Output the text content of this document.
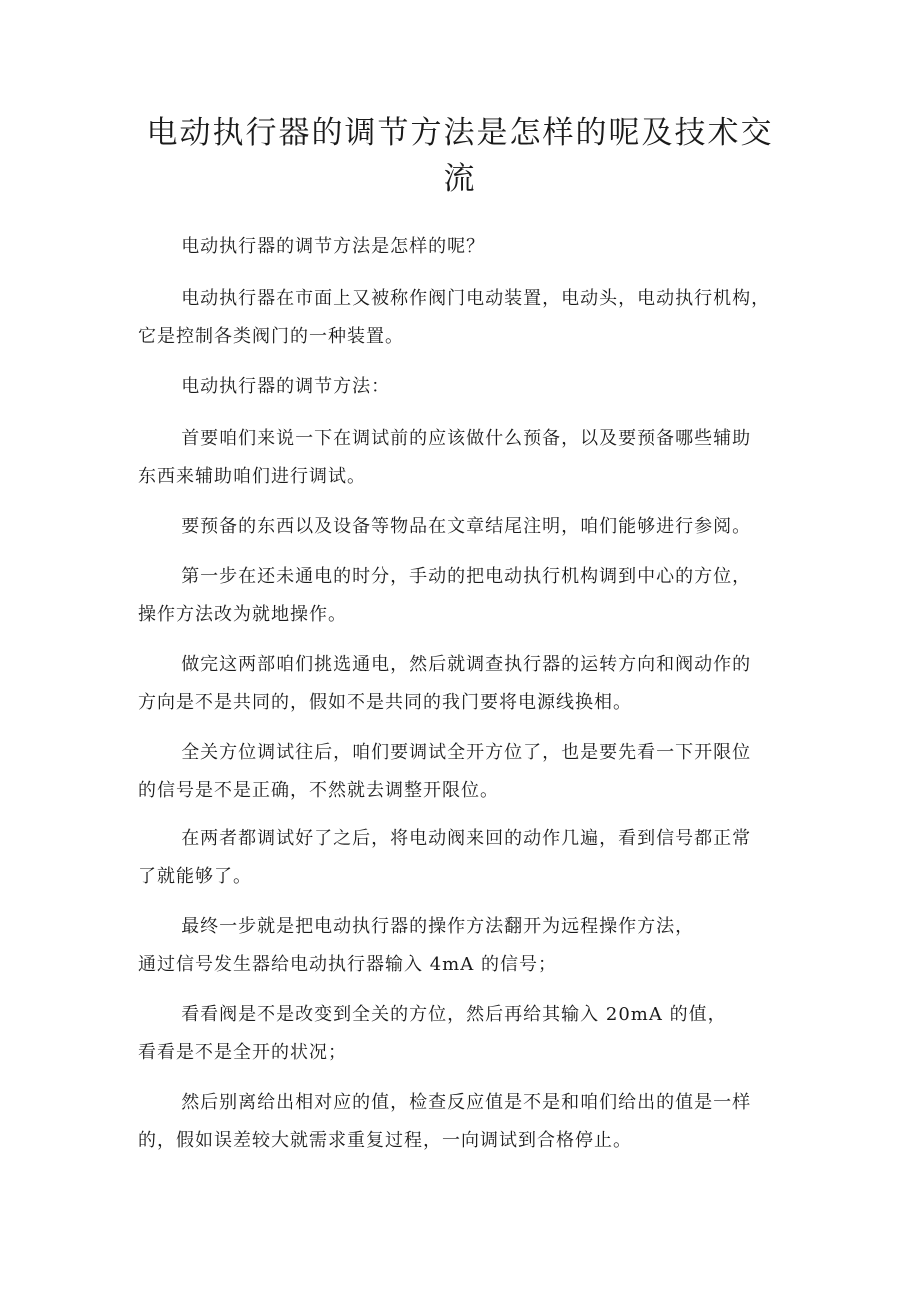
电动执行器的调节方法是怎样的呢及技术交流

电动执行器的调节方法是怎样的呢？

电动执行器在市面上又被称作阀门电动装置，电动头，电动执行机构，
它是控制各类阀门的一种装置。

电动执行器的调节方法：

首要咱们来说一下在调试前的应该做什么预备，以及要预备哪些辅助
东西来辅助咱们进行调试。

要预备的东西以及设备等物品在文章结尾注明，咱们能够进行参阅。

第一步在还未通电的时分，手动的把电动执行机构调到中心的方位，
操作方法改为就地操作。

做完这两部咱们挑选通电，然后就调查执行器的运转方向和阀动作的
方向是不是共同的，假如不是共同的我门要将电源线换相。

全关方位调试往后，咱们要调试全开方位了，也是要先看一下开限位
的信号是不是正确，不然就去调整开限位。

在两者都调试好了之后，将电动阀来回的动作几遍，看到信号都正常
了就能够了。

最终一步就是把电动执行器的操作方法翻开为远程操作方法，
通过信号发生器给电动执行器输入 4mA 的信号；

看看阀是不是改变到全关的方位，然后再给其输入 20mA 的值，
看看是不是全开的状况；

然后别离给出相对应的值，检查反应值是不是和咱们给出的值是一样
的，假如误差较大就需求重复过程，一向调试到合格停止。
